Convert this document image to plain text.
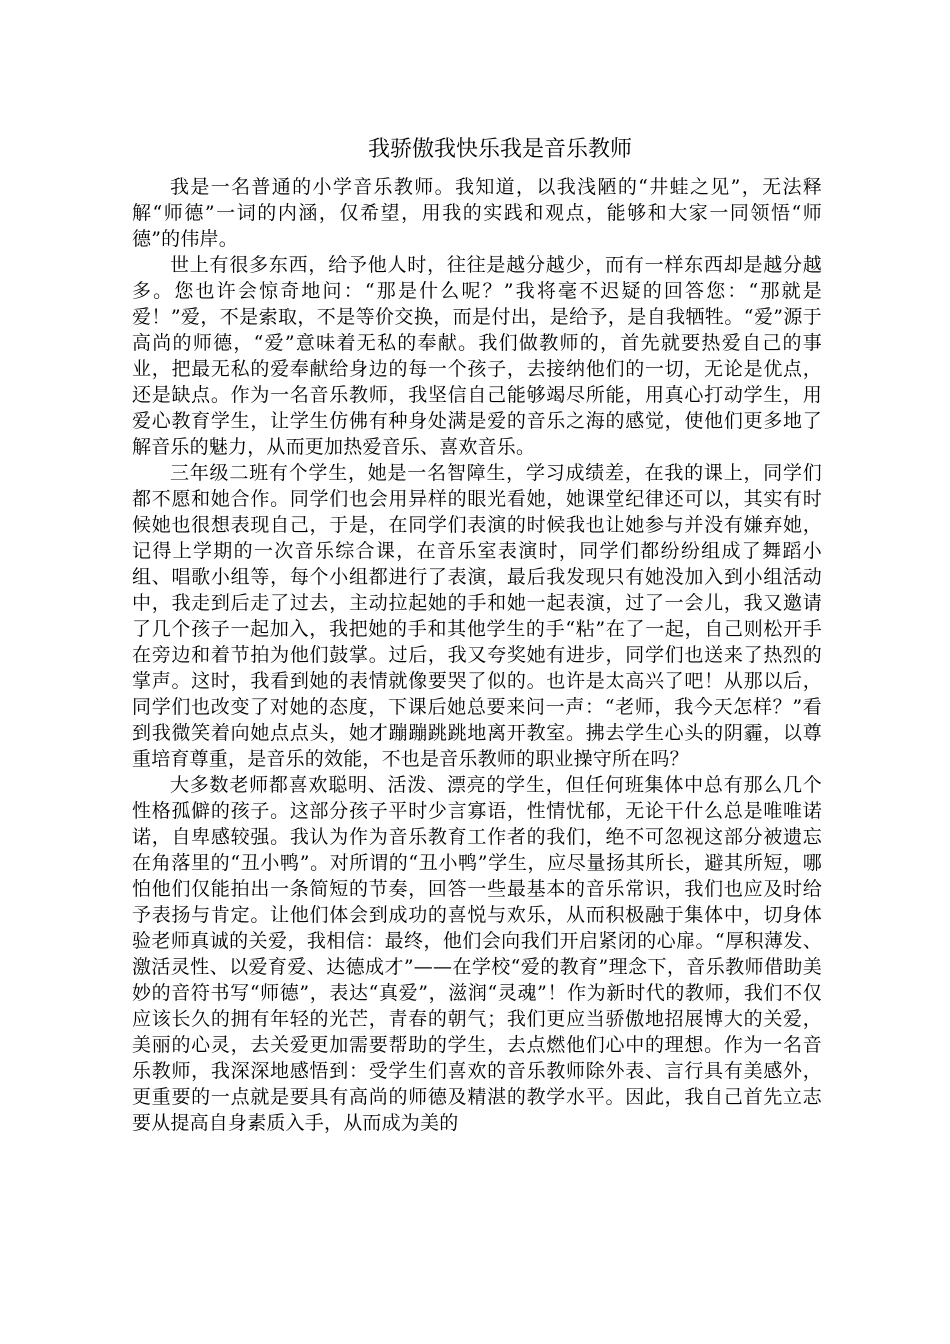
我骄傲我快乐我是音乐教师

我是一名普通的小学音乐教师。我知道，以我浅陋的“井蛙之见”，无法释解“师德”一词的内涵，仅希望，用我的实践和观点，能够和大家一同领悟“师德”的伟岸。

世上有很多东西，给予他人时，往往是越分越少，而有一样东西却是越分越多。您也许会惊奇地问：“那是什么呢？”我将毫不迟疑的回答您：“那就是爱！”爱，不是索取，不是等价交换，而是付出，是给予，是自我牺牲。“爱”源于高尚的师德，“爱”意味着无私的奉献。我们做教师的，首先就要热爱自己的事业，把最无私的爱奉献给身边的每一个孩子，去接纳他们的一切，无论是优点，还是缺点。作为一名音乐教师，我坚信自己能够竭尽所能，用真心打动学生，用爱心教育学生，让学生仿佛有种身处满是爱的音乐之海的感觉，使他们更多地了解音乐的魅力，从而更加热爱音乐、喜欢音乐。

三年级二班有个学生，她是一名智障生，学习成绩差，在我的课上，同学们都不愿和她合作。同学们也会用异样的眼光看她，她课堂纪律还可以，其实有时候她也很想表现自己，于是，在同学们表演的时候我也让她参与并没有嫌弃她，记得上学期的一次音乐综合课，在音乐室表演时，同学们都纷纷组成了舞蹈小组、唱歌小组等，每个小组都进行了表演，最后我发现只有她没加入到小组活动中，我走到后走了过去，主动拉起她的手和她一起表演，过了一会儿，我又邀请了几个孩子一起加入，我把她的手和其他学生的手“粘”在了一起，自己则松开手在旁边和着节拍为他们鼓掌。过后，我又夸奖她有进步，同学们也送来了热烈的掌声。这时，我看到她的表情就像要哭了似的。也许是太高兴了吧！从那以后，同学们也改变了对她的态度，下课后她总要来问一声：“老师，我今天怎样？”看到我微笑着向她点点头，她才蹦蹦跳跳地离开教室。拂去学生心头的阴霾，以尊重培育尊重，是音乐的效能，不也是音乐教师的职业操守所在吗？

大多数老师都喜欢聪明、活泼、漂亮的学生，但任何班集体中总有那么几个性格孤僻的孩子。这部分孩子平时少言寡语，性情忧郁，无论干什么总是唯唯诺诺，自卑感较强。我认为作为音乐教育工作者的我们，绝不可忽视这部分被遗忘在角落里的“丑小鸭”。对所谓的“丑小鸭”学生，应尽量扬其所长，避其所短，哪怕他们仅能拍出一条简短的节奏，回答一些最基本的音乐常识，我们也应及时给予表扬与肯定。让他们体会到成功的喜悦与欢乐，从而积极融于集体中，切身体验老师真诚的关爱，我相信：最终，他们会向我们开启紧闭的心扉。“厚积薄发、激活灵性、以爱育爱、达德成才”——在学校“爱的教育”理念下，音乐教师借助美妙的音符书写“师德”，表达“真爱”，滋润“灵魂”！作为新时代的教师，我们不仅应该长久的拥有年轻的光芒，青春的朝气；我们更应当骄傲地招展博大的关爱，美丽的心灵，去关爱更加需要帮助的学生，去点燃他们心中的理想。作为一名音乐教师，我深深地感悟到：受学生们喜欢的音乐教师除外表、言行具有美感外，更重要的一点就是要具有高尚的师德及精湛的教学水平。因此，我自己首先立志要从提高自身素质入手，从而成为美的
